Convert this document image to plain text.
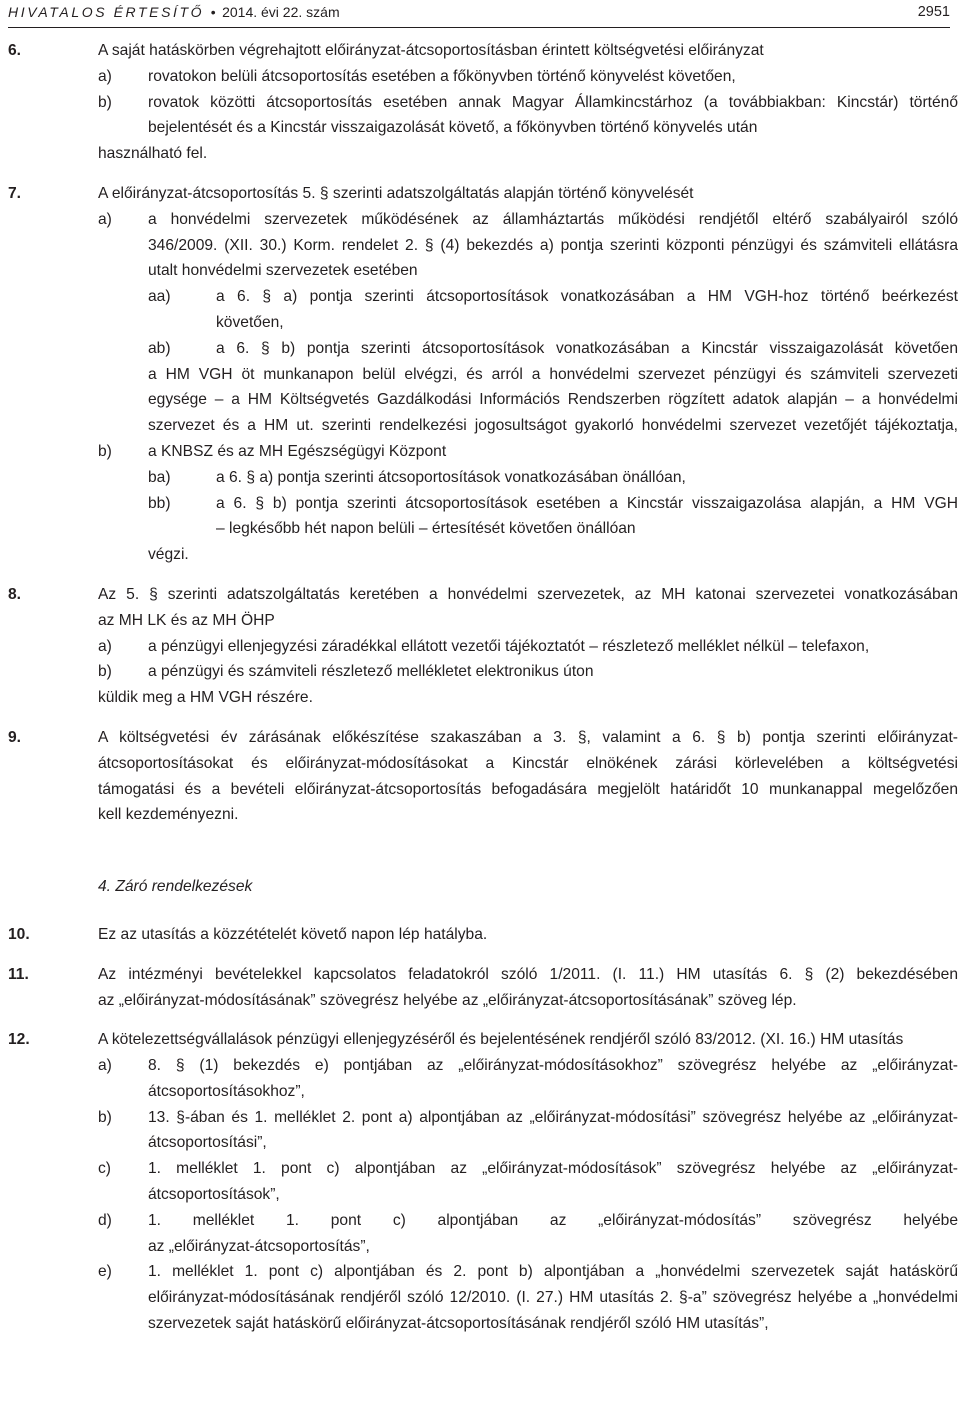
HIVATALOS ÉRTESÍTŐ • 2014. évi 22. szám	2951
6.	A saját hatáskörben végrehajtott előirányzat-átcsoportosításban érintett költségvetési előirányzat
a) rovatokon belüli átcsoportosítás esetében a főkönyvben történő könyvelést követően,
b) rovatok közötti átcsoportosítás esetében annak Magyar Államkincstárhoz (a továbbiakban: Kincstár) történő
bejelentését és a Kincstár visszaigazolását követő, a főkönyvben történő könyvelés után
használható fel.
7.	A előirányzat-átcsoportosítás 5. § szerinti adatszolgáltatás alapján történő könyvelését
a) a honvédelmi szervezetek működésének az államháztartás működési rendjétől eltérő szabályairól szóló
346/2009. (XII. 30.) Korm. rendelet 2. § (4) bekezdés a) pontja szerinti központi pénzügyi és számviteli ellátásra
utalt honvédelmi szervezetek esetében
aa)	a 6. § a) pontja szerinti átcsoportosítások vonatkozásában a HM VGH-hoz történő beérkezést
követően,
ab)	a 6. § b) pontja szerinti átcsoportosítások vonatkozásában a Kincstár visszaigazolását követően
a HM VGH öt munkanapon belül elvégzi, és arról a honvédelmi szervezet pénzügyi és számviteli szervezeti
egysége – a HM Költségvetés Gazdálkodási Információs Rendszerben rögzített adatok alapján – a honvédelmi
szervezet és a HM ut. szerinti rendelkezési jogosultságot gyakorló honvédelmi szervezet vezetőjét tájékoztatja,
b) a KNBSZ és az MH Egészségügyi Központ
ba)	a 6. § a) pontja szerinti átcsoportosítások vonatkozásában önállóan,
bb)	a 6. § b) pontja szerinti átcsoportosítások esetében a Kincstár visszaigazolása alapján, a HM VGH
– legkésőbb hét napon belüli – értesítését követően önállóan
végzi.
8.	Az 5. § szerinti adatszolgáltatás keretében a honvédelmi szervezetek, az MH katonai szervezetei vonatkozásában
az MH LK és az MH ÖHP
a) a pénzügyi ellenjegyzési záradékkal ellátott vezetői tájékoztatót – részletező melléklet nélkül – telefaxon,
b) a pénzügyi és számviteli részletező mellékletet elektronikus úton
küldik meg a HM VGH részére.
9.	A költségvetési év zárásának előkészítése szakaszában a 3. §, valamint a 6. § b) pontja szerinti előirányzat-
átcsoportosításokat és előirányzat-módosításokat a Kincstár elnökének zárási körlevelében a költségvetési
támogatási és a bevételi előirányzat-átcsoportosítás befogadására megjelölt határidőt 10 munkanappal megelőzően
kell kezdeményezni.
4. Záró rendelkezések
10.	Ez az utasítás a közzétételét követő napon lép hatályba.
11.	Az intézményi bevételekkel kapcsolatos feladatokról szóló 1/2011. (I. 11.) HM utasítás 6. § (2) bekezdésében
az „előirányzat-módosításának” szövegrész helyébe az „előirányzat-átcsoportosításának” szöveg lép.
12.	A kötelezettségvállalások pénzügyi ellenjegyzéséről és bejelentésének rendjéről szóló 83/2012. (XI. 16.) HM utasítás
a) 8. § (1) bekezdés e) pontjában az „előirányzat-módosításokhoz” szövegrész helyébe az „előirányzat-
átcsoportosításokhoz”,
b) 13. §-ában és 1. melléklet 2. pont a) alpontjában az „előirányzat-módosítási” szövegrész helyébe az „előirányzat-
átcsoportosítási”,
c) 1. melléklet 1. pont c) alpontjában az „előirányzat-módosítások” szövegrész helyébe az „előirányzat-
átcsoportosítások”,
d) 1. melléklet 1. pont c) alpontjában az „előirányzat-módosítás” szövegrész helyébe
az „előirányzat-átcsoportosítás”,
e) 1. melléklet 1. pont c) alpontjában és 2. pont b) alpontjában a „honvédelmi szervezetek saját hatáskörű
előirányzat-módosításának rendjéről szóló 12/2010. (I. 27.) HM utasítás 2. §-a” szövegrész helyébe a „honvédelmi
szervezetek saját hatáskörű előirányzat-átcsoportosításának rendjéről szóló HM utasítás”,
